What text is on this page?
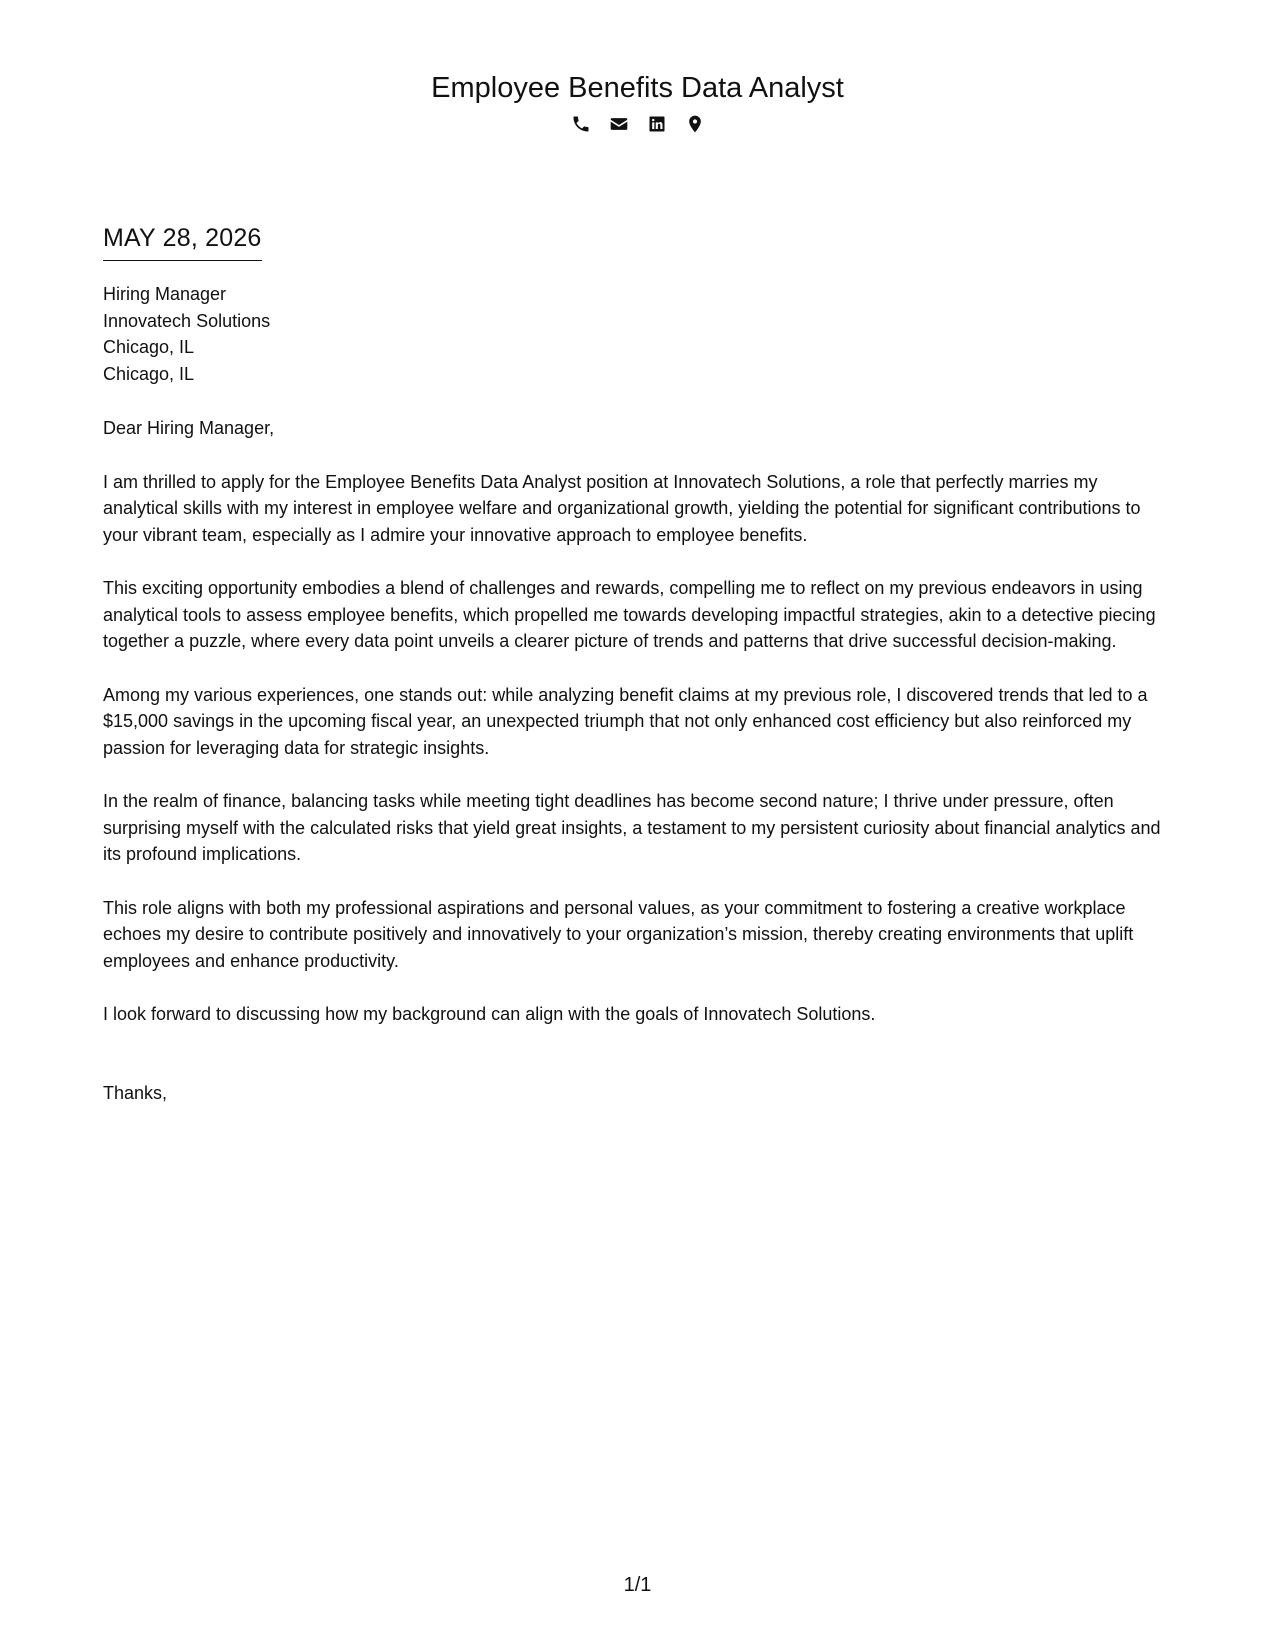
Employee Benefits Data Analyst
MAY 28, 2026
Hiring Manager
Innovatech Solutions
Chicago, IL
Chicago, IL
Dear Hiring Manager,
I am thrilled to apply for the Employee Benefits Data Analyst position at Innovatech Solutions, a role that perfectly marries my analytical skills with my interest in employee welfare and organizational growth, yielding the potential for significant contributions to your vibrant team, especially as I admire your innovative approach to employee benefits.
This exciting opportunity embodies a blend of challenges and rewards, compelling me to reflect on my previous endeavors in using analytical tools to assess employee benefits, which propelled me towards developing impactful strategies, akin to a detective piecing together a puzzle, where every data point unveils a clearer picture of trends and patterns that drive successful decision-making.
Among my various experiences, one stands out: while analyzing benefit claims at my previous role, I discovered trends that led to a $15,000 savings in the upcoming fiscal year, an unexpected triumph that not only enhanced cost efficiency but also reinforced my passion for leveraging data for strategic insights.
In the realm of finance, balancing tasks while meeting tight deadlines has become second nature; I thrive under pressure, often surprising myself with the calculated risks that yield great insights, a testament to my persistent curiosity about financial analytics and its profound implications.
This role aligns with both my professional aspirations and personal values, as your commitment to fostering a creative workplace echoes my desire to contribute positively and innovatively to your organization’s mission, thereby creating environments that uplift employees and enhance productivity.
I look forward to discussing how my background can align with the goals of Innovatech Solutions.
Thanks,
1/1
